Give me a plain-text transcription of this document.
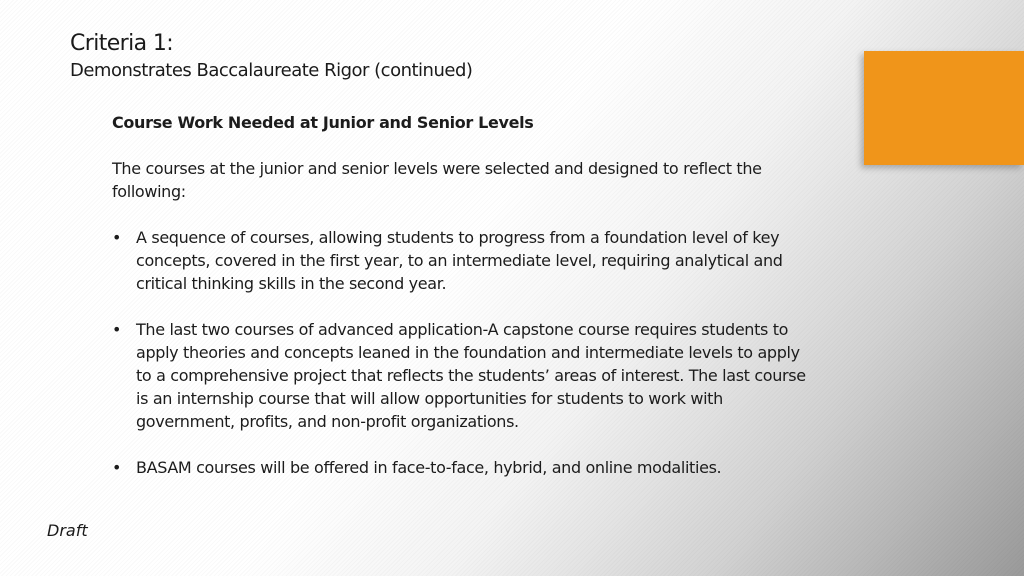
Criteria 1:
Demonstrates Baccalaureate Rigor (continued)
Course Work Needed at Junior and Senior Levels
The courses at the junior and senior levels were selected and designed to reflect the following:
• A sequence of courses, allowing students to progress from a foundation level of key concepts, covered in the first year, to an intermediate level, requiring analytical and critical thinking skills in the second year.
• The last two courses of advanced application-A capstone course requires students to apply theories and concepts leaned in the foundation and intermediate levels to apply to a comprehensive project that reflects the students’ areas of interest. The last course is an internship course that will allow opportunities for students to work with government, profits, and non-profit organizations.
• BASAM courses will be offered in face-to-face, hybrid, and online modalities.
Draft
